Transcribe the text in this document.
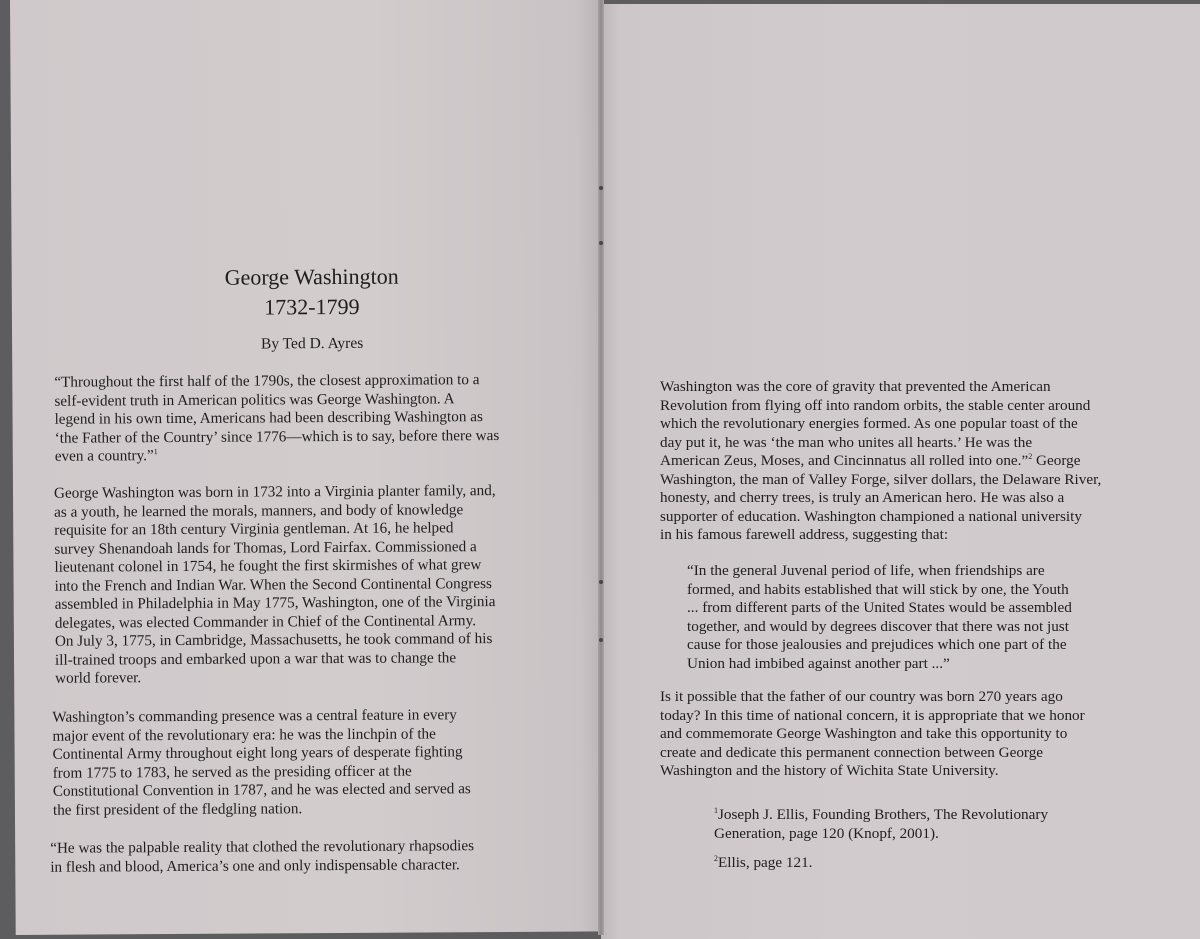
George Washington
1732-1799
By Ted D. Ayres

“Throughout the first half of the 1790s, the closest approximation to a
self-evident truth in American politics was George Washington. A
legend in his own time, Americans had been describing Washington as
‘the Father of the Country’ since 1776—which is to say, before there was
even a country.”$^1$

George Washington was born in 1732 into a Virginia planter family, and,
as a youth, he learned the morals, manners, and body of knowledge
requisite for an 18th century Virginia gentleman. At 16, he helped
survey Shenandoah lands for Thomas, Lord Fairfax. Commissioned a
lieutenant colonel in 1754, he fought the first skirmishes of what grew
into the French and Indian War. When the Second Continental Congress
assembled in Philadelphia in May 1775, Washington, one of the Virginia
delegates, was elected Commander in Chief of the Continental Army.
On July 3, 1775, in Cambridge, Massachusetts, he took command of his
ill-trained troops and embarked upon a war that was to change the
world forever.

Washington’s commanding presence was a central feature in every
major event of the revolutionary era: he was the linchpin of the
Continental Army throughout eight long years of desperate fighting
from 1775 to 1783, he served as the presiding officer at the
Constitutional Convention in 1787, and he was elected and served as
the first president of the fledgling nation.

“He was the palpable reality that clothed the revolutionary rhapsodies
in flesh and blood, America’s one and only indispensable character.

Washington was the core of gravity that prevented the American
Revolution from flying off into random orbits, the stable center around
which the revolutionary energies formed. As one popular toast of the
day put it, he was ‘the man who unites all hearts.’ He was the
American Zeus, Moses, and Cincinnatus all rolled into one.”$^2$ George
Washington, the man of Valley Forge, silver dollars, the Delaware River,
honesty, and cherry trees, is truly an American hero. He was also a
supporter of education. Washington championed a national university
in his famous farewell address, suggesting that:

“In the general Juvenal period of life, when friendships are
formed, and habits established that will stick by one, the Youth
... from different parts of the United States would be assembled
together, and would by degrees discover that there was not just
cause for those jealousies and prejudices which one part of the
Union had imbibed against another part ...”

Is it possible that the father of our country was born 270 years ago
today? In this time of national concern, it is appropriate that we honor
and commemorate George Washington and take this opportunity to
create and dedicate this permanent connection between George
Washington and the history of Wichita State University.

$^1$Joseph J. Ellis, Founding Brothers, The Revolutionary
Generation, page 120 (Knopf, 2001).

$^2$Ellis, page 121.
